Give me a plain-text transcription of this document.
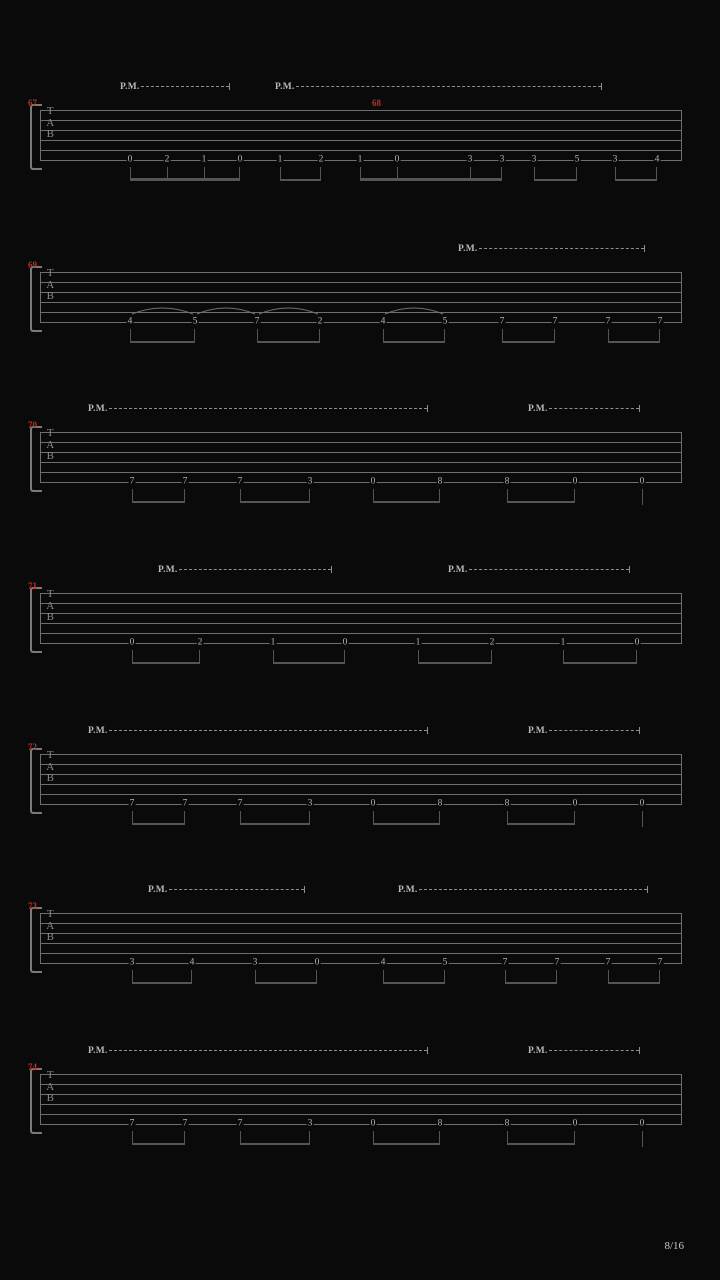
P.M.	P.M.
T
A
B
0	2	1	0	1	2	1	0	3	3	3	5	3	4
67	68
P.M.
T
A
B
4	5	7	2	4	5	7	7	7	7
69
P.M.	P.M.
T
A
B
7	7	7	3	0	8	8	0	0
70
P.M.	P.M.
T
A
B
0	2	1	0	1	2	1	0
71
P.M.	P.M.
T
A
B
7	7	7	3	0	8	8	0	0
72
P.M.	P.M.
T
A
B
3	4	3	0	4	5	7	7	7	7
73
P.M.	P.M.
T
A
B
7	7	7	3	0	8	8	0	0
74
8/16
